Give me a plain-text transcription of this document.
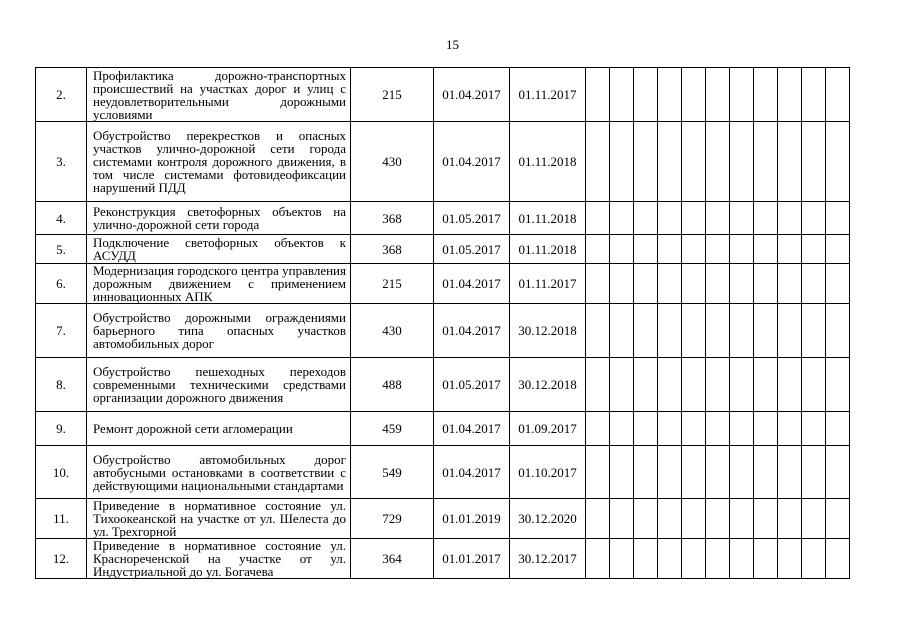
15
2.	Профилактика дорожно-транспортных происшествий на участках дорог и улиц с неудовлетворительными дорожными условиями	215	01.04.2017	01.11.2017											
3.	Обустройство перекрестков и опасных участков улично-дорожной сети города системами контроля дорожного движения, в том числе системами фотовидеофиксации нарушений ПДД	430	01.04.2017	01.11.2018											
4.	Реконструкция светофорных объектов на улично-дорожной сети города	368	01.05.2017	01.11.2018											
5.	Подключение светофорных объектов к АСУДД	368	01.05.2017	01.11.2018											
6.	Модернизация городского центра управления дорожным движением с применением инновационных АПК	215	01.04.2017	01.11.2017											
7.	Обустройство дорожными ограждениями барьерного типа опасных участков автомобильных дорог	430	01.04.2017	30.12.2018											
8.	Обустройство пешеходных переходов современными техническими средствами организации дорожного движения	488	01.05.2017	30.12.2018											
9.	Ремонт дорожной сети агломерации	459	01.04.2017	01.09.2017											
10.	Обустройство автомобильных дорог автобусными остановками в соответствии с действующими национальными стандартами	549	01.04.2017	01.10.2017											
11.	Приведение в нормативное состояние ул. Тихоокеанской на участке от ул. Шелеста до ул. Трехгорной	729	01.01.2019	30.12.2020											
12.	Приведение в нормативное состояние ул. Краснореченской на участке от ул. Индустриальной до ул. Богачева	364	01.01.2017	30.12.2017											
